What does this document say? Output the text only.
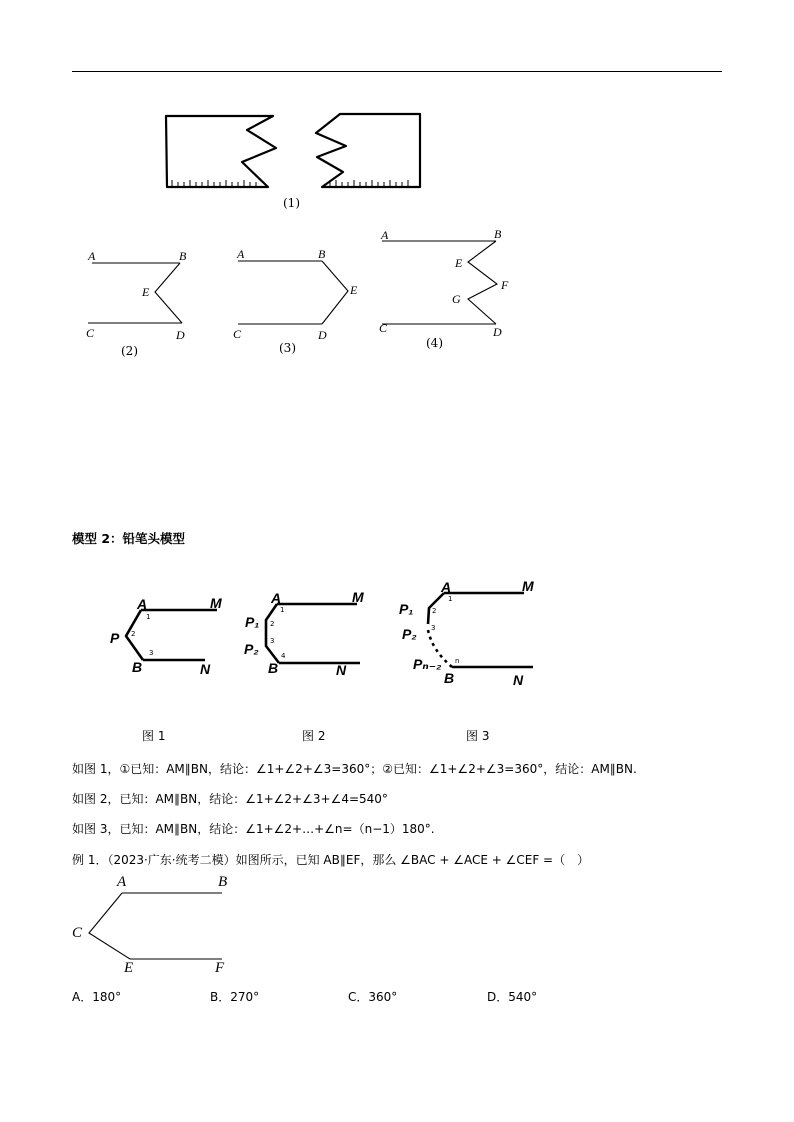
(1)
A	B
E
C	D
(2)
A	B
E
C	D
(3)
A	B
E
F
G
C	D
(4)
模型 2：铅笔头模型
A	M
P
B	N
1
2
3
A	M
P₁
P₂
B	N
1
2
3
4
A	M
P₁
P₂
Pₙ₋₂
B	N
1
2
3
n
图 1	图 2	图 3
如图 1，①已知：AM∥BN，结论：∠1+∠2+∠3=360°；②已知：∠1+∠2+∠3=360°，结论：AM∥BN.
如图 2，已知：AM∥BN，结论：∠1+∠2+∠3+∠4=540°
如图 3，已知：AM∥BN，结论：∠1+∠2+…+∠n=（n−1）180°.
例 1．（2023·广东·统考二模）如图所示，已知 AB∥EF，那么 ∠BAC + ∠ACE + ∠CEF =（　）
A	B
C
E	F
A．180°	B．270°	C．360°	D．540°
